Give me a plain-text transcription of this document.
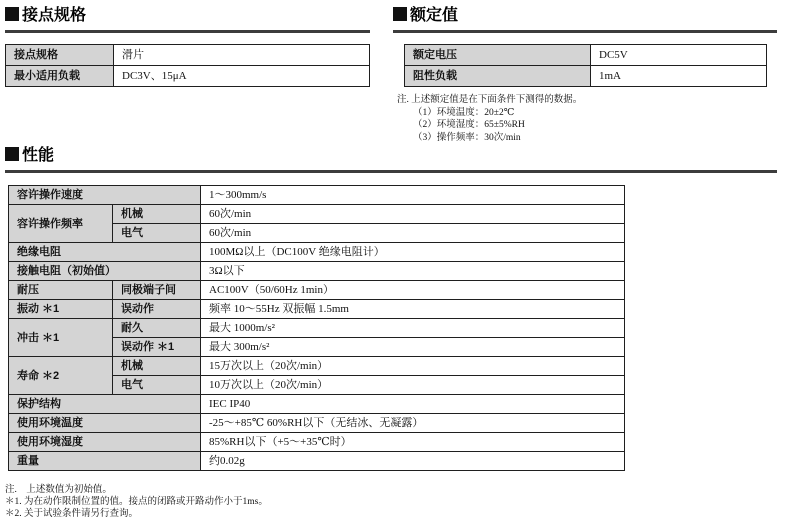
接点规格
接点规格	滑片
最小适用负载	DC3V、15μA
额定值
额定电压	DC5V
阻性负载	1mA
注. 上述额定值是在下面条件下测得的数据。
（1）环境温度：20±2℃
（2）环境湿度：65±5%RH
（3）操作频率：30次/min
性能
容许操作速度		1～300mm/s
容许操作频率	机械	60次/min
	电气	60次/min
绝缘电阻		100MΩ以上（DC100V 绝缘电阻计）
接触电阻（初始值）		3Ω以下
耐压	同极端子间	AC100V（50/60Hz 1min）
振动 ＊1	误动作	频率 10～55Hz 双振幅 1.5mm
冲击 ＊1	耐久	最大 1000m/s²
	误动作 ＊1	最大 300m/s²
寿命 ＊2	机械	15万次以上（20次/min）
	电气	10万次以上（20次/min）
保护结构		IEC IP40
使用环境温度		-25～+85℃ 60%RH以下（无结冰、无凝露）
使用环境湿度		85%RH以下（+5～+35℃时）
重量		约0.02g
注.　上述数值为初始值。
＊1. 为在动作限制位置的值。接点的闭路或开路动作小于1ms。
＊2. 关于试验条件请另行查询。
